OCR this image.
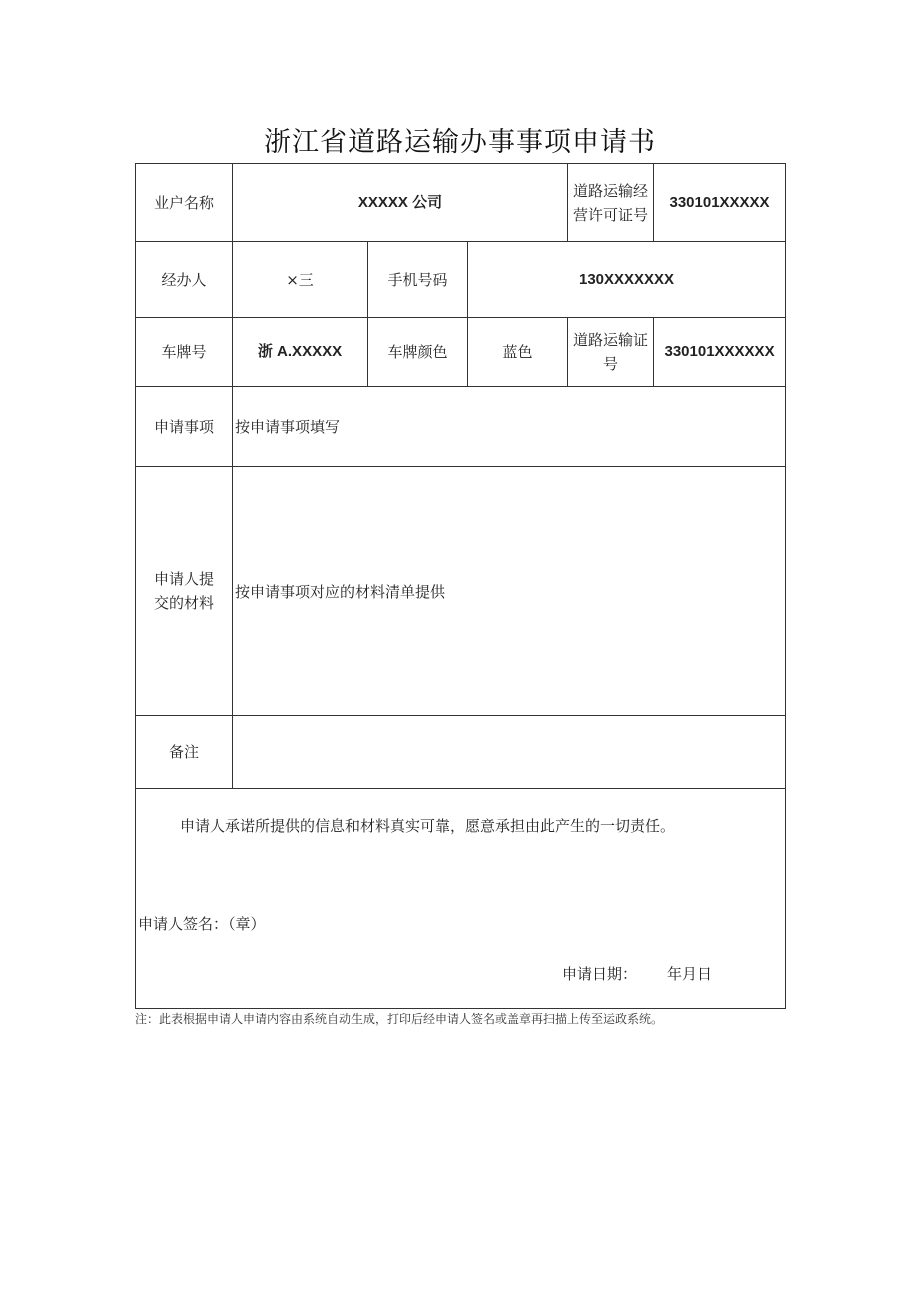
浙江省道路运输办事事项申请书
业户名称	XXXXX 公司			道路运输经营许可证号	330101XXXXX
经办人	×三	手机号码	130XXXXXXX		
车牌号	浙 A.XXXXX	车牌颜色	蓝色	道路运输证号	330101XXXXXX
申请事项	按申请事项填写				
申请人提交的材料	按申请事项对应的材料清单提供				
备注					

申请人承诺所提供的信息和材料真实可靠，愿意承担由此产生的一切责任。
申请人签名：（章）
申请日期： 年月日					
注：此表根据申请人申请内容由系统自动生成，打印后经申请人签名或盖章再扫描上传至运政系统。
